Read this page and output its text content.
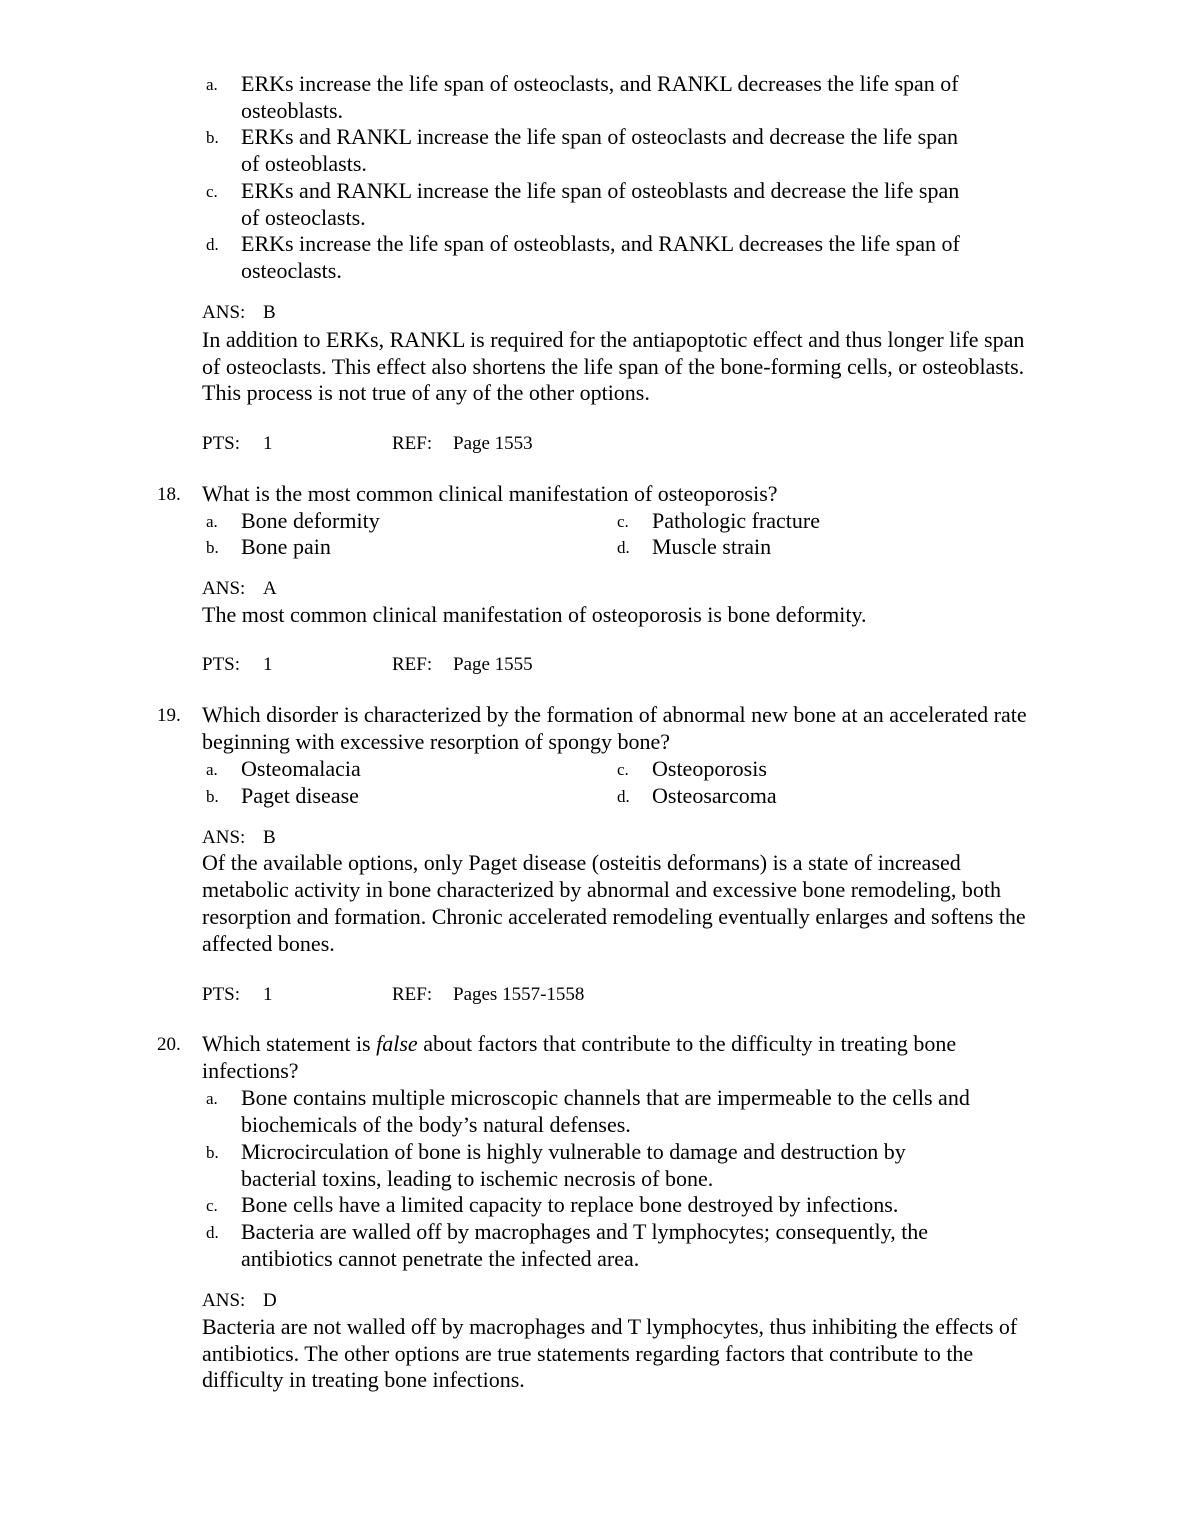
a. ERKs increase the life span of osteoclasts, and RANKL decreases the life span of
osteoblasts.
b. ERKs and RANKL increase the life span of osteoclasts and decrease the life span
of osteoblasts.
c. ERKs and RANKL increase the life span of osteoblasts and decrease the life span
of osteoclasts.
d. ERKs increase the life span of osteoblasts, and RANKL decreases the life span of
osteoclasts.
ANS: B
In addition to ERKs, RANKL is required for the antiapoptotic effect and thus longer life span
of osteoclasts. This effect also shortens the life span of the bone-forming cells, or osteoblasts.
This process is not true of any of the other options.
PTS: 1	REF: Page 1553
18. What is the most common clinical manifestation of osteoporosis?
a. Bone deformity
b. Bone pain
c. Pathologic fracture
d. Muscle strain
ANS: A
The most common clinical manifestation of osteoporosis is bone deformity.
PTS: 1	REF: Page 1555
19. Which disorder is characterized by the formation of abnormal new bone at an accelerated rate
beginning with excessive resorption of spongy bone?
a. Osteomalacia
b. Paget disease
c. Osteoporosis
d. Osteosarcoma
ANS: B
Of the available options, only Paget disease (osteitis deformans) is a state of increased
metabolic activity in bone characterized by abnormal and excessive bone remodeling, both
resorption and formation. Chronic accelerated remodeling eventually enlarges and softens the
affected bones.
PTS: 1	REF: Pages 1557-1558
20. Which statement is false about factors that contribute to the difficulty in treating bone
infections?
a. Bone contains multiple microscopic channels that are impermeable to the cells and
biochemicals of the body’s natural defenses.
b. Microcirculation of bone is highly vulnerable to damage and destruction by
bacterial toxins, leading to ischemic necrosis of bone.
c. Bone cells have a limited capacity to replace bone destroyed by infections.
d. Bacteria are walled off by macrophages and T lymphocytes; consequently, the
antibiotics cannot penetrate the infected area.
ANS: D
Bacteria are not walled off by macrophages and T lymphocytes, thus inhibiting the effects of
antibiotics. The other options are true statements regarding factors that contribute to the
difficulty in treating bone infections.
